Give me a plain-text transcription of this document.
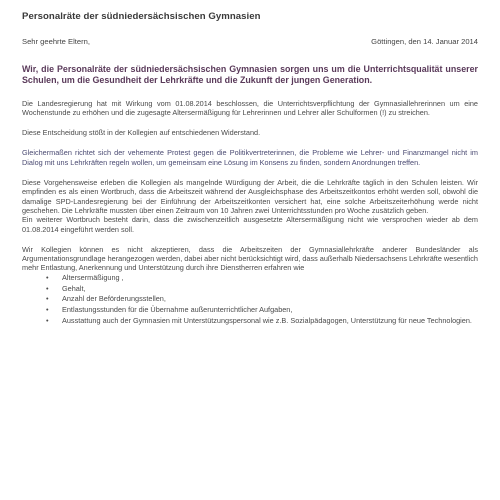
Personalräte der südniedersächsischen Gymnasien
Sehr geehrte Eltern,	Göttingen, den 14. Januar 2014

Wir, die Personalräte der südniedersächsischen Gymnasien sorgen uns um die Unterrichtsqualität unserer Schulen, um die Gesundheit der Lehrkräfte und die Zukunft der jungen Generation.

Die Landesregierung hat mit Wirkung vom 01.08.2014 beschlossen, die Unterrichtsverpflichtung der Gymnasiallehrerinnen um eine Wochenstunde zu erhöhen und die zugesagte Altersermäßigung für Lehrerinnen und Lehrer aller Schulformen (!) zu streichen.

Diese Entscheidung stößt in der Kollegien auf entschiedenen Widerstand.

Gleichermaßen richtet sich der vehemente Protest gegen die Politikvertreterinnen, die Probleme wie Lehrer- und Finanzmangel nicht im Dialog mit uns Lehrkräften regeln wollen, um gemeinsam eine Lösung im Konsens zu finden, sondern Anordnungen treffen.

Diese Vorgehensweise erleben die Kollegien als mangelnde Würdigung der Arbeit, die die Lehrkräfte täglich in den Schulen leisten. Wir empfinden es als einen Wortbruch, dass die Arbeitszeit während der Ausgleichsphase des Arbeitszeitkontos erhöht werden soll, obwohl die damalige SPD-Landesregierung bei der Einführung der Arbeitszeitkonten versichert hat, eine solche Arbeitszeiterhöhung werde nicht geschehen. Die Lehrkräfte mussten über einen Zeitraum von 10 Jahren zwei Unterrichtsstunden pro Woche zusätzlich geben.

Ein weiterer Wortbruch besteht darin, dass die zwischenzeitlich ausgesetzte Altersermäßigung nicht wie versprochen wieder ab dem 01.08.2014 eingeführt werden soll.

Wir Kollegien können es nicht akzeptieren, dass die Arbeitszeiten der Gymnasiallehrkräfte anderer Bundesländer als Argumentationsgrundlage herangezogen werden, dabei aber nicht berücksichtigt wird, dass außerhalb Niedersachsens Lehrkräfte wesentlich mehr Entlastung, Anerkennung und Unterstützung durch ihre Dienstherren erfahren wie

• Altersermäßigung ,
• Gehalt,
• Anzahl der Beförderungsstellen,
• Entlastungsstunden für die Übernahme außerunterrichtlicher Aufgaben,
• Ausstattung auch der Gymnasien mit Unterstützungspersonal wie z.B. Sozialpädagogen, Unterstützung für neue Technologien.
